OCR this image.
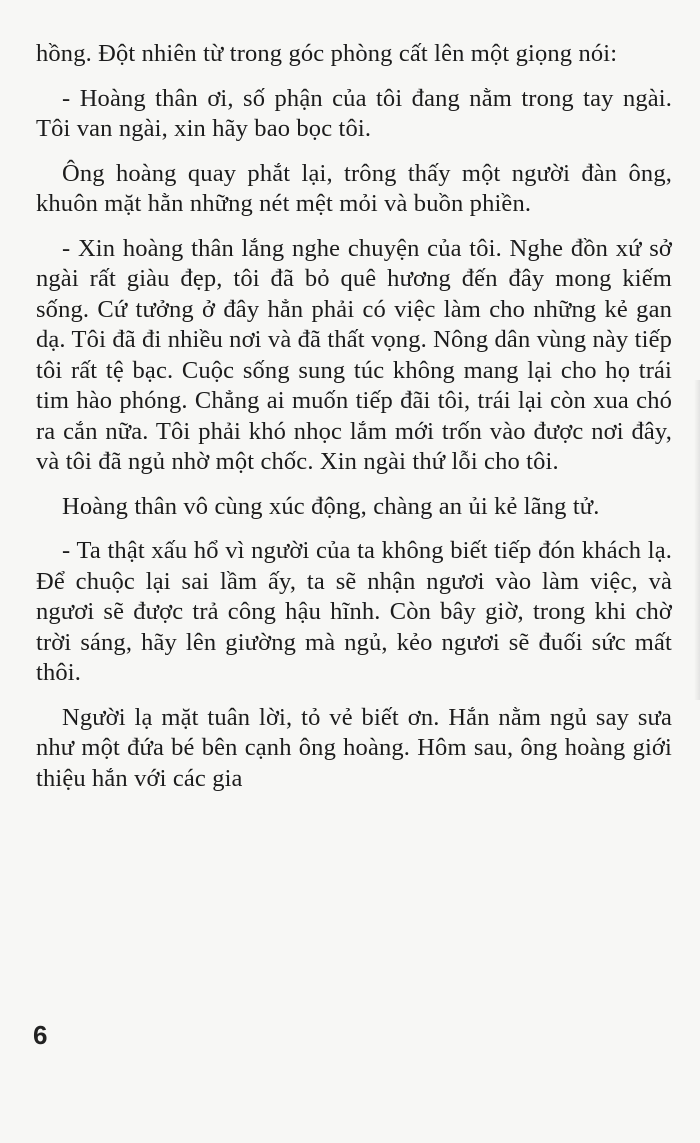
hồng. Đột nhiên từ trong góc phòng cất lên một giọng nói:

- Hoàng thân ơi, số phận của tôi đang nằm trong tay ngài. Tôi van ngài, xin hãy bao bọc tôi.

Ông hoàng quay phắt lại, trông thấy một người đàn ông, khuôn mặt hằn những nét mệt mỏi và buồn phiền.

- Xin hoàng thân lắng nghe chuyện của tôi. Nghe đồn xứ sở ngài rất giàu đẹp, tôi đã bỏ quê hương đến đây mong kiếm sống. Cứ tưởng ở đây hẳn phải có việc làm cho những kẻ gan dạ. Tôi đã đi nhiều nơi và đã thất vọng. Nông dân vùng này tiếp tôi rất tệ bạc. Cuộc sống sung túc không mang lại cho họ trái tim hào phóng. Chẳng ai muốn tiếp đãi tôi, trái lại còn xua chó ra cắn nữa. Tôi phải khó nhọc lắm mới trốn vào được nơi đây, và tôi đã ngủ nhờ một chốc. Xin ngài thứ lỗi cho tôi.

Hoàng thân vô cùng xúc động, chàng an ủi kẻ lãng tử.

- Ta thật xấu hổ vì người của ta không biết tiếp đón khách lạ. Để chuộc lại sai lầm ấy, ta sẽ nhận ngươi vào làm việc, và ngươi sẽ được trả công hậu hĩnh. Còn bây giờ, trong khi chờ trời sáng, hãy lên giường mà ngủ, kẻo ngươi sẽ đuối sức mất thôi.

Người lạ mặt tuân lời, tỏ vẻ biết ơn. Hắn nằm ngủ say sưa như một đứa bé bên cạnh ông hoàng. Hôm sau, ông hoàng giới thiệu hắn với các gia

6
